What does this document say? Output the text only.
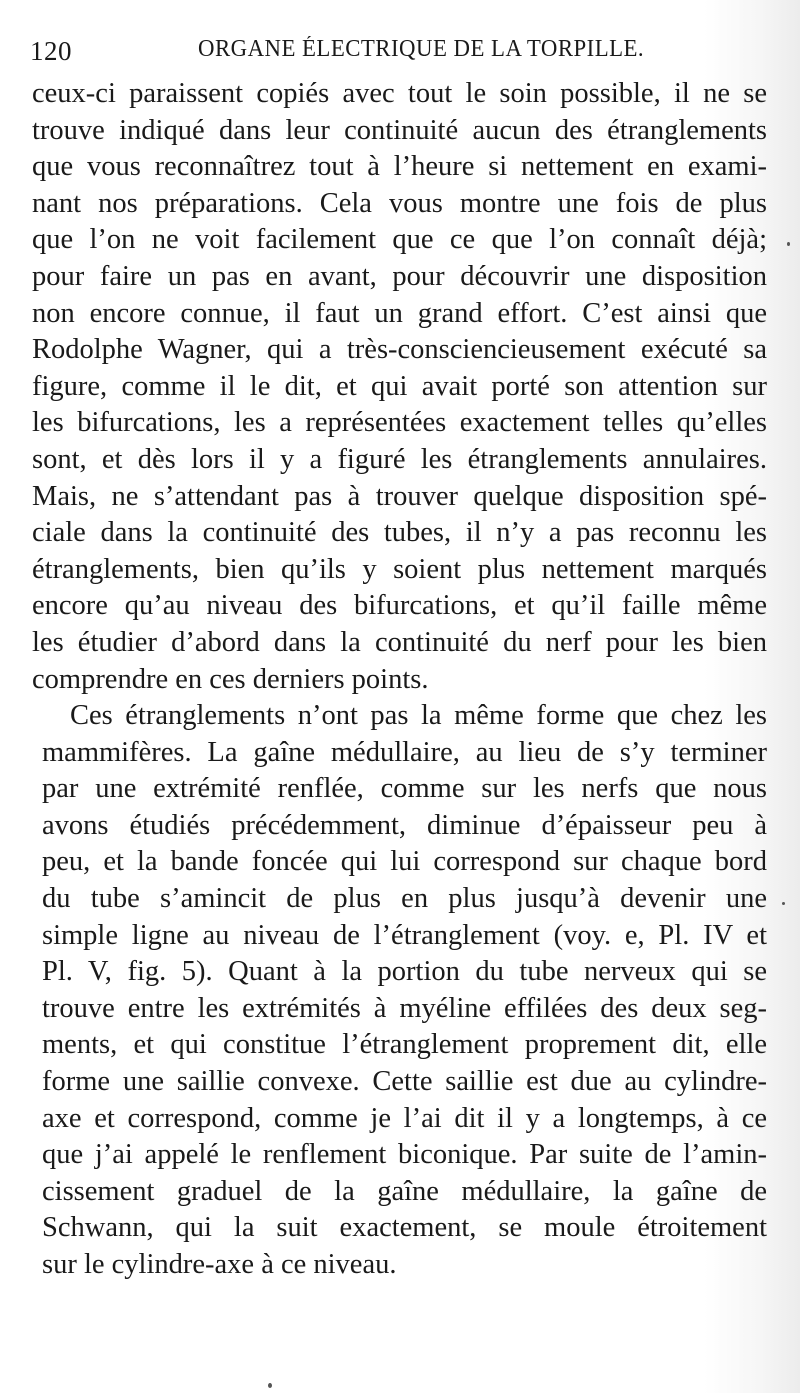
120	ORGANE ÉLECTRIQUE DE LA TORPILLE.
ceux-ci paraissent copiés avec tout le soin possible, il ne se
trouve indiqué dans leur continuité aucun des étranglements
que vous reconnaîtrez tout à l’heure si nettement en exami-
nant nos préparations. Cela vous montre une fois de plus
que l’on ne voit facilement que ce que l’on connaît déjà;
pour faire un pas en avant, pour découvrir une disposition
non encore connue, il faut un grand effort. C’est ainsi que
Rodolphe Wagner, qui a très-consciencieusement exécuté sa
figure, comme il le dit, et qui avait porté son attention sur
les bifurcations, les a représentées exactement telles qu’elles
sont, et dès lors il y a figuré les étranglements annulaires.
Mais, ne s’attendant pas à trouver quelque disposition spé-
ciale dans la continuité des tubes, il n’y a pas reconnu les
étranglements, bien qu’ils y soient plus nettement marqués
encore qu’au niveau des bifurcations, et qu’il faille même
les étudier d’abord dans la continuité du nerf pour les bien
comprendre en ces derniers points.
Ces étranglements n’ont pas la même forme que chez les
mammifères. La gaîne médullaire, au lieu de s’y terminer
par une extrémité renflée, comme sur les nerfs que nous
avons étudiés précédemment, diminue d’épaisseur peu à
peu, et la bande foncée qui lui correspond sur chaque bord
du tube s’amincit de plus en plus jusqu’à devenir une
simple ligne au niveau de l’étranglement (voy. e, Pl. IV et
Pl. V, fig. 5). Quant à la portion du tube nerveux qui se
trouve entre les extrémités à myéline effilées des deux seg-
ments, et qui constitue l’étranglement proprement dit, elle
forme une saillie convexe. Cette saillie est due au cylindre-
axe et correspond, comme je l’ai dit il y a longtemps, à ce
que j’ai appelé le renflement biconique. Par suite de l’amin-
cissement graduel de la gaîne médullaire, la gaîne de
Schwann, qui la suit exactement, se moule étroitement
sur le cylindre-axe à ce niveau.
